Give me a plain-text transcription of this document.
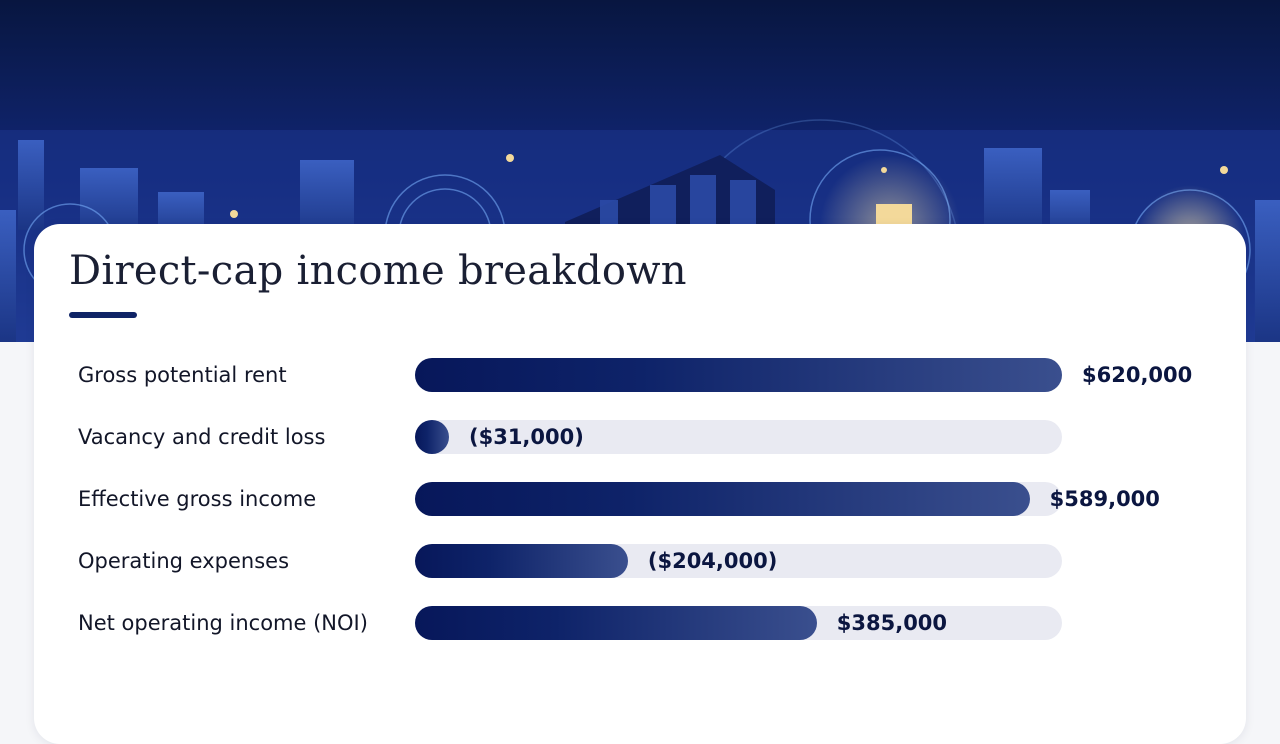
Direct-cap income breakdown
Gross potential rent	$620,000
Vacancy and credit loss	($31,000)
Effective gross income	$589,000
Operating expenses	($204,000)
Net operating income (NOI)	$385,000
